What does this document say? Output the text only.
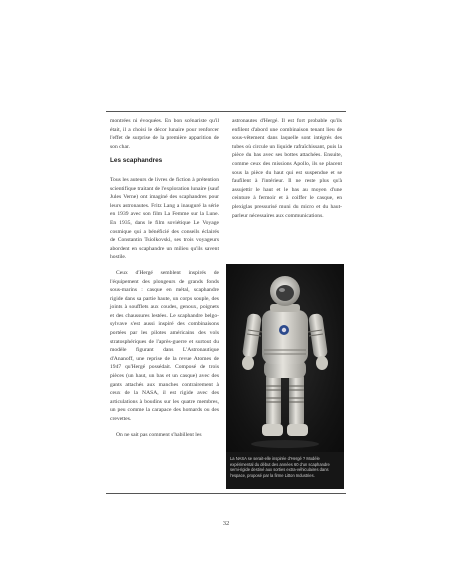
montrées ni évoquées. En bon scénariste qu'il était, il a choisi le décor lunaire pour renforcer l'effet de surprise de la première apparition de son char.

Les scaphandres

Tous les auteurs de livres de fiction à prétention scientifique traitant de l'exploration lunaire (sauf Jules Verne) ont imaginé des scaphandres pour leurs astronautes. Fritz Lang a inauguré la série en 1939 avec son film La Femme sur la Lune. En 1935, dans le film soviétique Le Voyage cosmique qui a bénéficié des conseils éclairés de Constantin Tsiolkovski, ses trois voyageurs abordent en scaphandre un milieu qu'ils savent hostile.

Ceux d'Hergé semblent inspirés de l'équipement des plongeurs de grands fonds sous-marins : casque en métal, scaphandre rigide dans sa partie haute, un corps souple, des joints à soufflets aux coudes, genoux, poignets et des chaussures lestées. Le scaphandre belgo-sylvave s'est aussi inspiré des combinaisons portées par les pilotes américains des vols stratosphériques de l'après-guerre et surtout du modèle figurant dans L'Astronautique d'Ananoff, une reprise de la revue Atomes de 1947 qu'Hergé possédait. Composé de trois pièces (un haut, un bas et un casque) avec des gants attachés aux manches contrairement à ceux de la NASA, il est rigide avec des articulations à boudins sur les quatre membres, un peu comme la carapace des homards ou des crevettes.

On ne sait pas comment s'habillent les

astronautes d'Hergé. Il est fort probable qu'ils enfilent d'abord une combinaison tenant lieu de sous-vêtement dans laquelle sont intégrés des tubes où circule un liquide rafraîchissant, puis la pièce du bas avec ses bottes attachées. Ensuite, comme ceux des missions Apollo, ils se placent sous la pièce du haut qui est suspendue et se faufilent à l'intérieur. Il ne reste plus qu'à assujettir le haut et le bas au moyen d'une ceinture à fermoir et à coiffer le casque, en plexiglas pressurisé muni du micro et du haut-parleur nécessaires aux communications.

La NASA se serait-elle inspirée d'Hergé ? Modèle expérimental du début des années 60 d'un scaphandre semi-rigide destiné aux sorties extra-véhiculaires dans l'espace, proposé par la firme Litton Industries.
32
